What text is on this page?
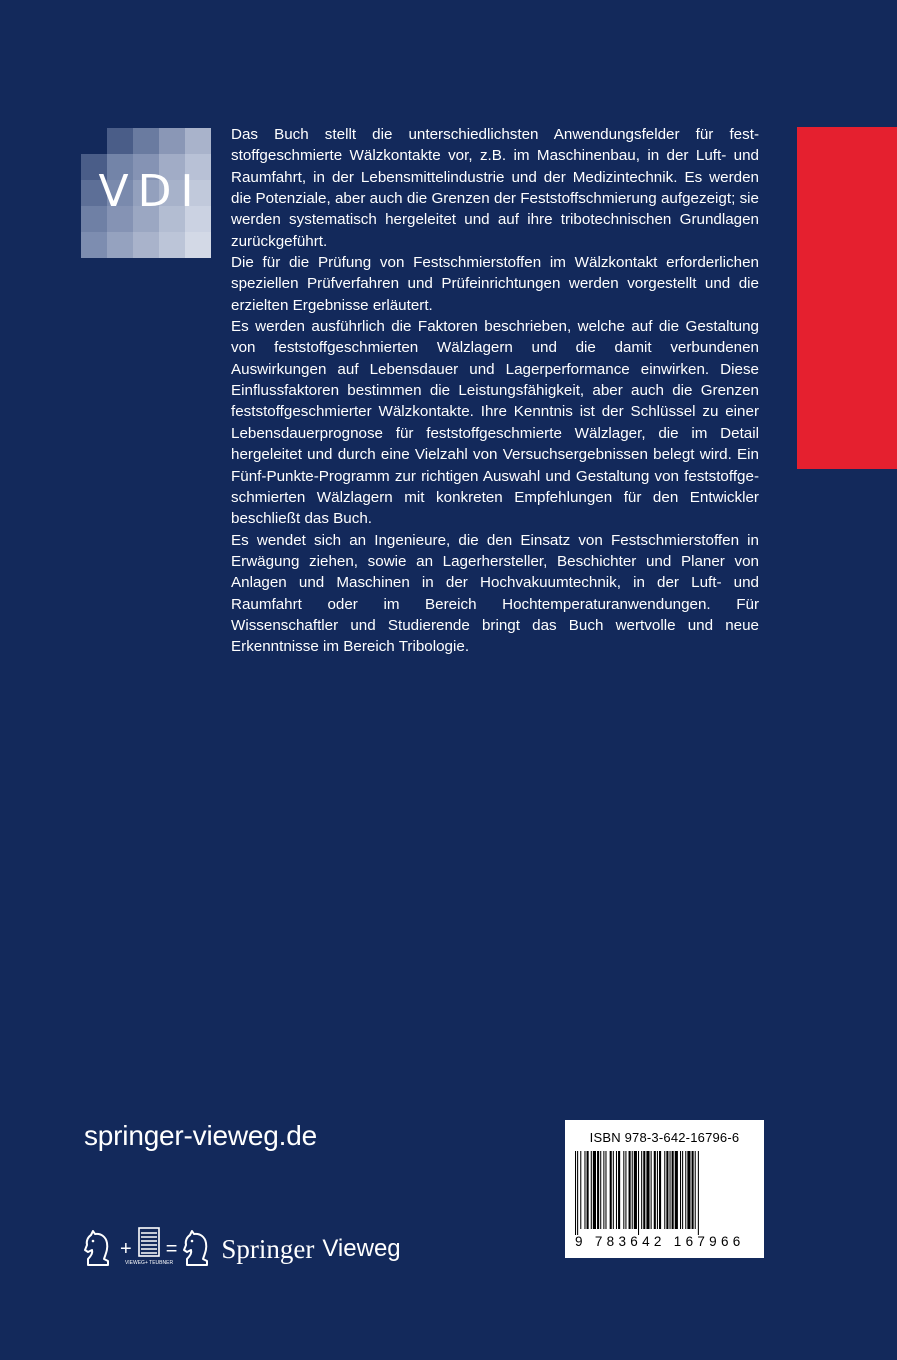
VDI

Das Buch stellt die unterschiedlichsten Anwendungsfelder für feststoffgeschmierte Wälzkontakte vor, z.B. im Maschinenbau, in der Luft- und Raumfahrt, in der Lebensmittelindustrie und der Medizintechnik. Es werden die Potenziale, aber auch die Grenzen der Feststoffschmierung aufgezeigt; sie werden systematisch hergeleitet und auf ihre tribotechnischen Grundlagen zurückgeführt.

Die für die Prüfung von Festschmierstoffen im Wälzkontakt erforderlichen speziellen Prüfverfahren und Prüfeinrichtungen werden vorgestellt und die erzielten Ergebnisse erläutert.

Es werden ausführlich die Faktoren beschrieben, welche auf die Gestaltung von feststoffgeschmierten Wälzlagern und die damit verbundenen Auswirkungen auf Lebensdauer und Lagerperformance einwirken. Diese Einflussfaktoren bestimmen die Leistungsfähigkeit, aber auch die Grenzen feststoffgeschmierter Wälzkontakte. Ihre Kenntnis ist der Schlüssel zu einer Lebensdauerprognose für feststoffgeschmierte Wälzlager, die im Detail hergeleitet und durch eine Vielzahl von Versuchsergebnissen belegt wird. Ein Fünf-Punkte-Programm zur richtigen Auswahl und Gestaltung von feststoffgeschmierten Wälzlagern mit konkreten Empfehlungen für den Entwickler beschließt das Buch.

Es wendet sich an Ingenieure, die den Einsatz von Festschmierstoffen in Erwägung ziehen, sowie an Lagerhersteller, Beschichter und Planer von Anlagen und Maschinen in der Hochvakuumtechnik, in der Luft- und Raumfahrt oder im Bereich Hochtemperaturanwendungen. Für Wissenschaftler und Studierende bringt das Buch wertvolle und neue Erkenntnisse im Bereich Tribologie.

springer-vieweg.de	ISBN 978-3-642-16796-6
9 783642 167966
+
VIEWEG+ TEUBNER
= Springer Vieweg
